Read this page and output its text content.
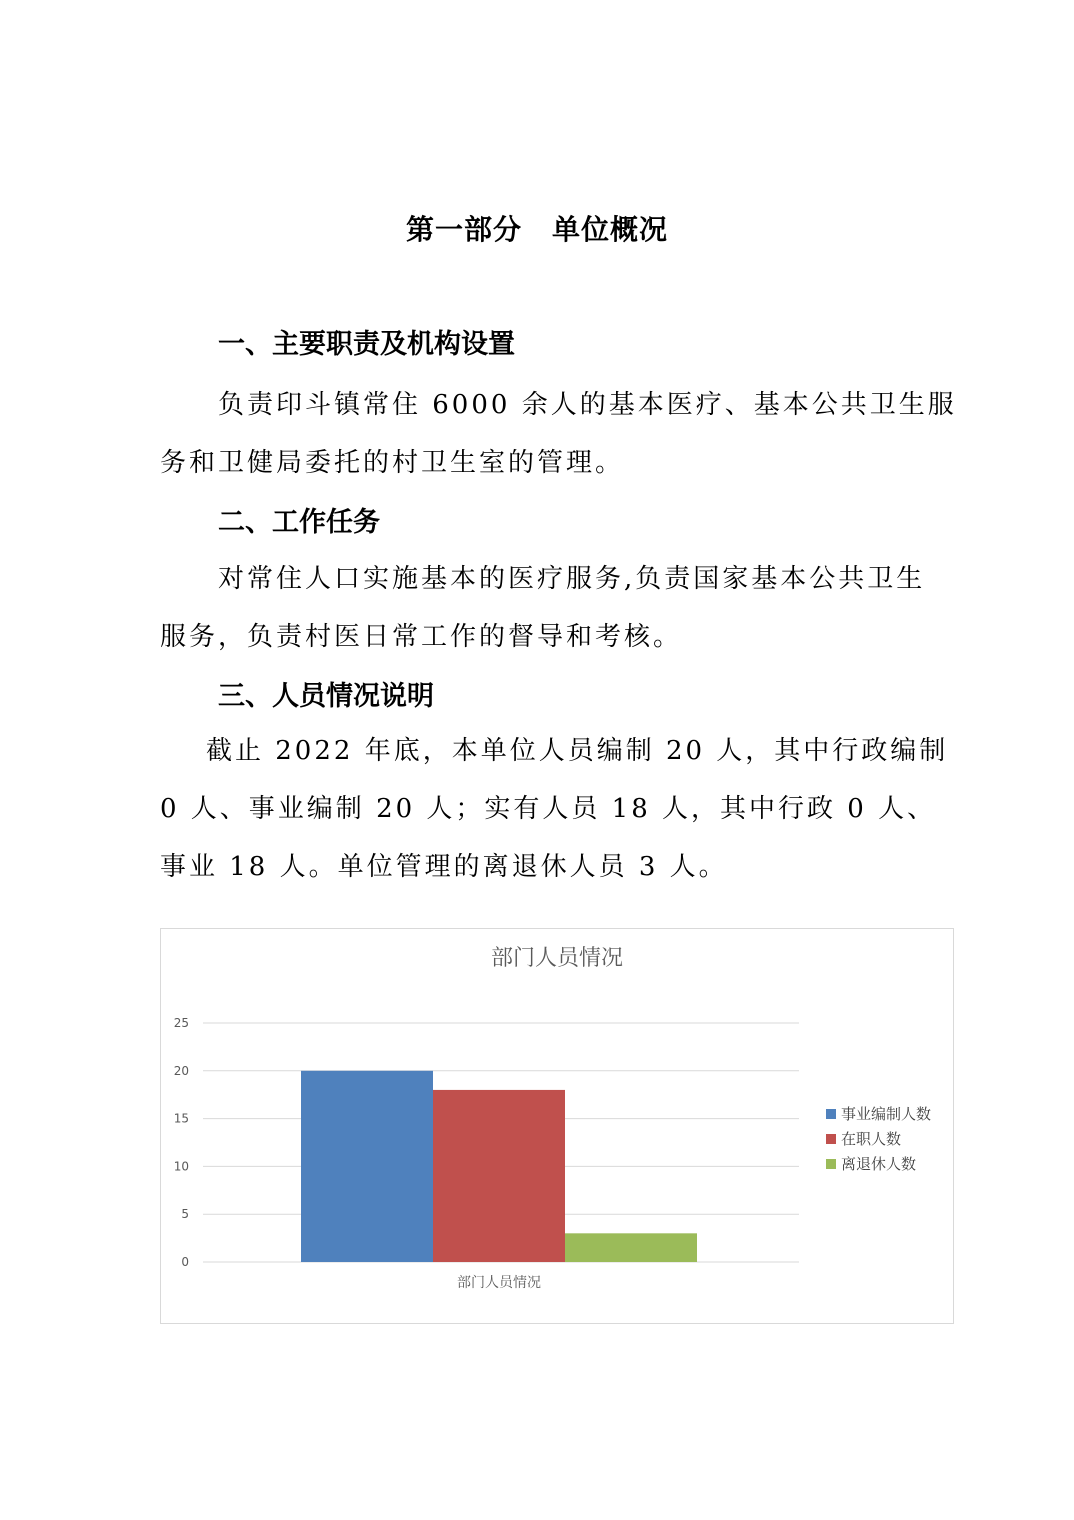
第一部分 单位概况
一、主要职责及机构设置
负责印斗镇常住 6000 余人的基本医疗、基本公共卫生服
务和卫健局委托的村卫生室的管理。
二、工作任务
对常住人口实施基本的医疗服务,负责国家基本公共卫生
服务，负责村医日常工作的督导和考核。
三、人员情况说明
截止 2022 年底，本单位人员编制 20 人，其中行政编制
0 人、事业编制 20 人；实有人员 18 人，其中行政 0 人、
事业 18 人。单位管理的离退休人员 3 人。
部门人员情况
0
5
10
15
20
25
部门人员情况
事业编制人数
在职人数
离退休人数
